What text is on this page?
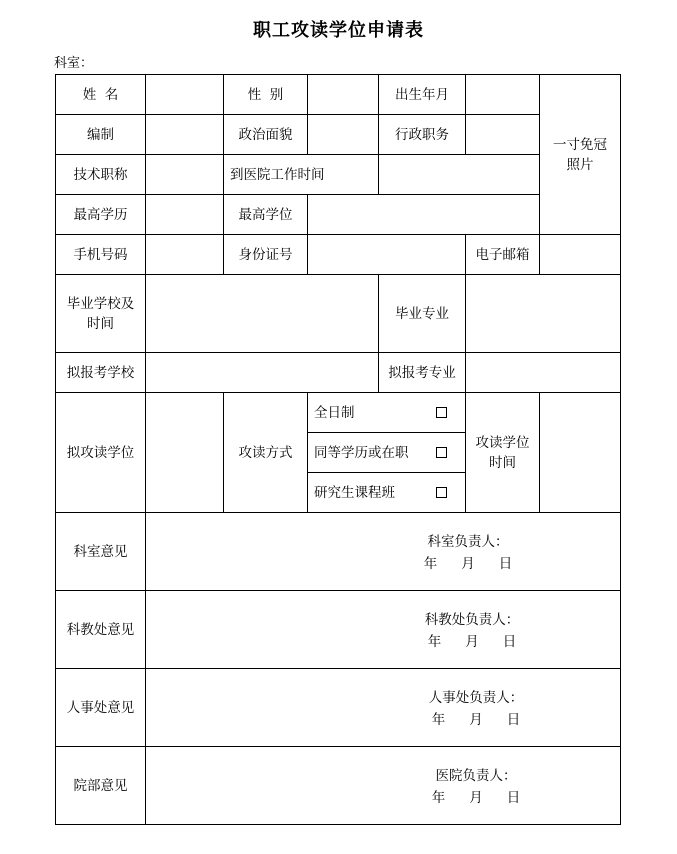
职工攻读学位申请表
科室：
姓  名		性  别		出生年月		一寸免冠照片
编制		政治面貌		行政职务		
技术职称		到医院工作时间				
最高学历		最高学位				
手机号码		身份证号			电子邮箱	
毕业学校及时间				毕业专业		
拟报考学校				拟报考专业		
拟攻读学位		攻读方式	全日制
同等学历或在职
研究生课程班		攻读学位时间	
科室意见	科室负责人：
年 月 日					

科教处意见	科教处负责人：
年 月 日					

人事处意见	人事处负责人：
年 月 日					

院部意见	医院负责人：
年 月 日					
